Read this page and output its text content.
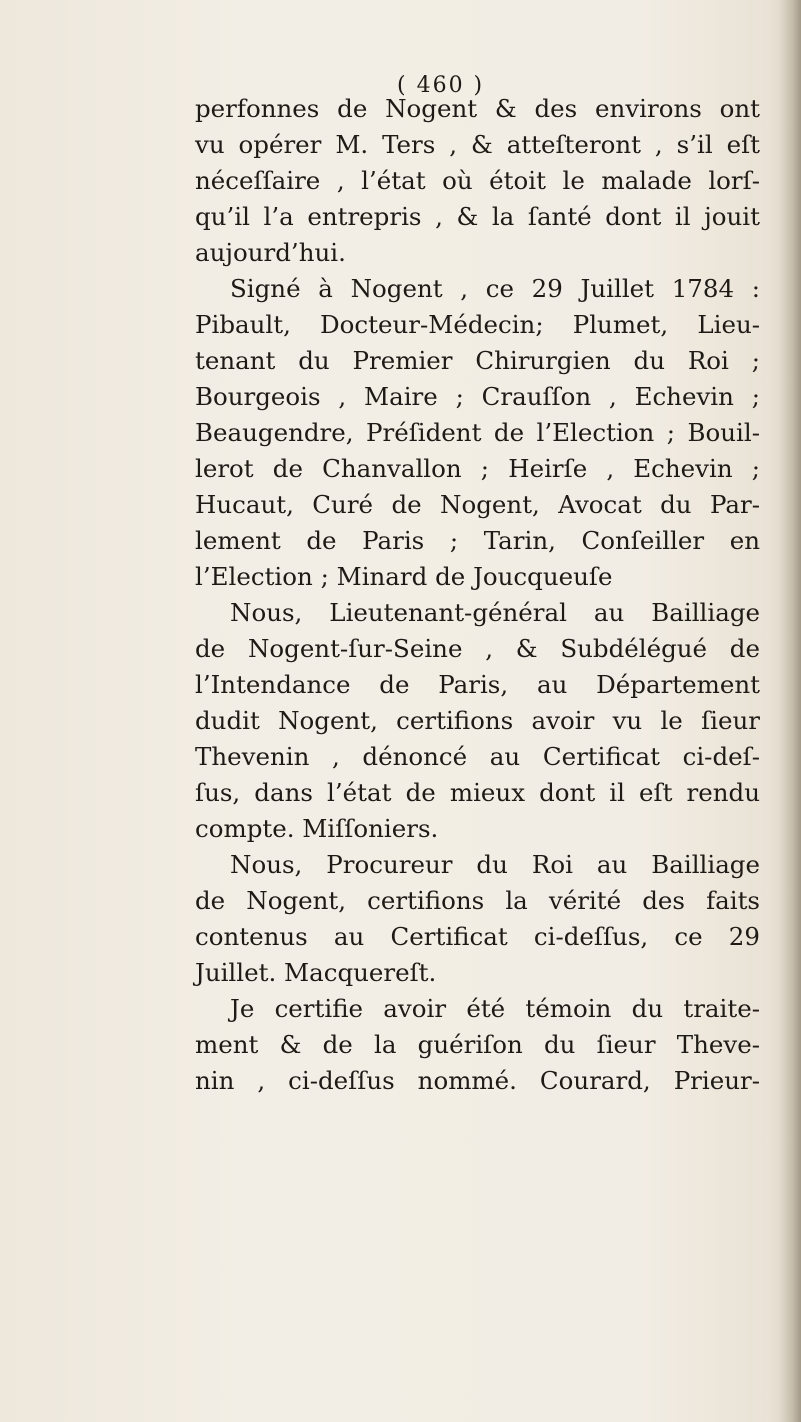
( 460 )
perfonnes de Nogent & des environs ont
vu opérer M. Ters , & atteſteront , s’il eſt
néceſſaire , l’état où étoit le malade lorſ-
qu’il l’a entrepris , & la ſanté dont il jouit
aujourd’hui.
Signé à Nogent , ce 29 Juillet 1784 :
Pibault, Docteur-Médecin; Plumet, Lieu-
tenant du Premier Chirurgien du Roi ;
Bourgeois , Maire ; Crauſſon , Echevin ;
Beaugendre, Préſident de l’Election ; Bouil-
lerot de Chanvallon ; Heirſe , Echevin ;
Hucaut, Curé de Nogent, Avocat du Par-
lement de Paris ; Tarin, Conſeiller en
l’Election ; Minard de Joucqueuſe
Nous, Lieutenant-général au Bailliage
de Nogent-ſur-Seine , & Subdélégué de
l’Intendance de Paris, au Département
dudit Nogent, certifions avoir vu le ſieur
Thevenin , dénoncé au Certificat ci-deſ-
ſus, dans l’état de mieux dont il eſt rendu
compte. Miſſoniers.
Nous, Procureur du Roi au Bailliage
de Nogent, certifions la vérité des faits
contenus au Certificat ci-deſſus, ce 29
Juillet. Macquereſt.
Je certifie avoir été témoin du traite-
ment & de la guériſon du ſieur Theve-
nin , ci-deſſus nommé. Courard, Prieur-
